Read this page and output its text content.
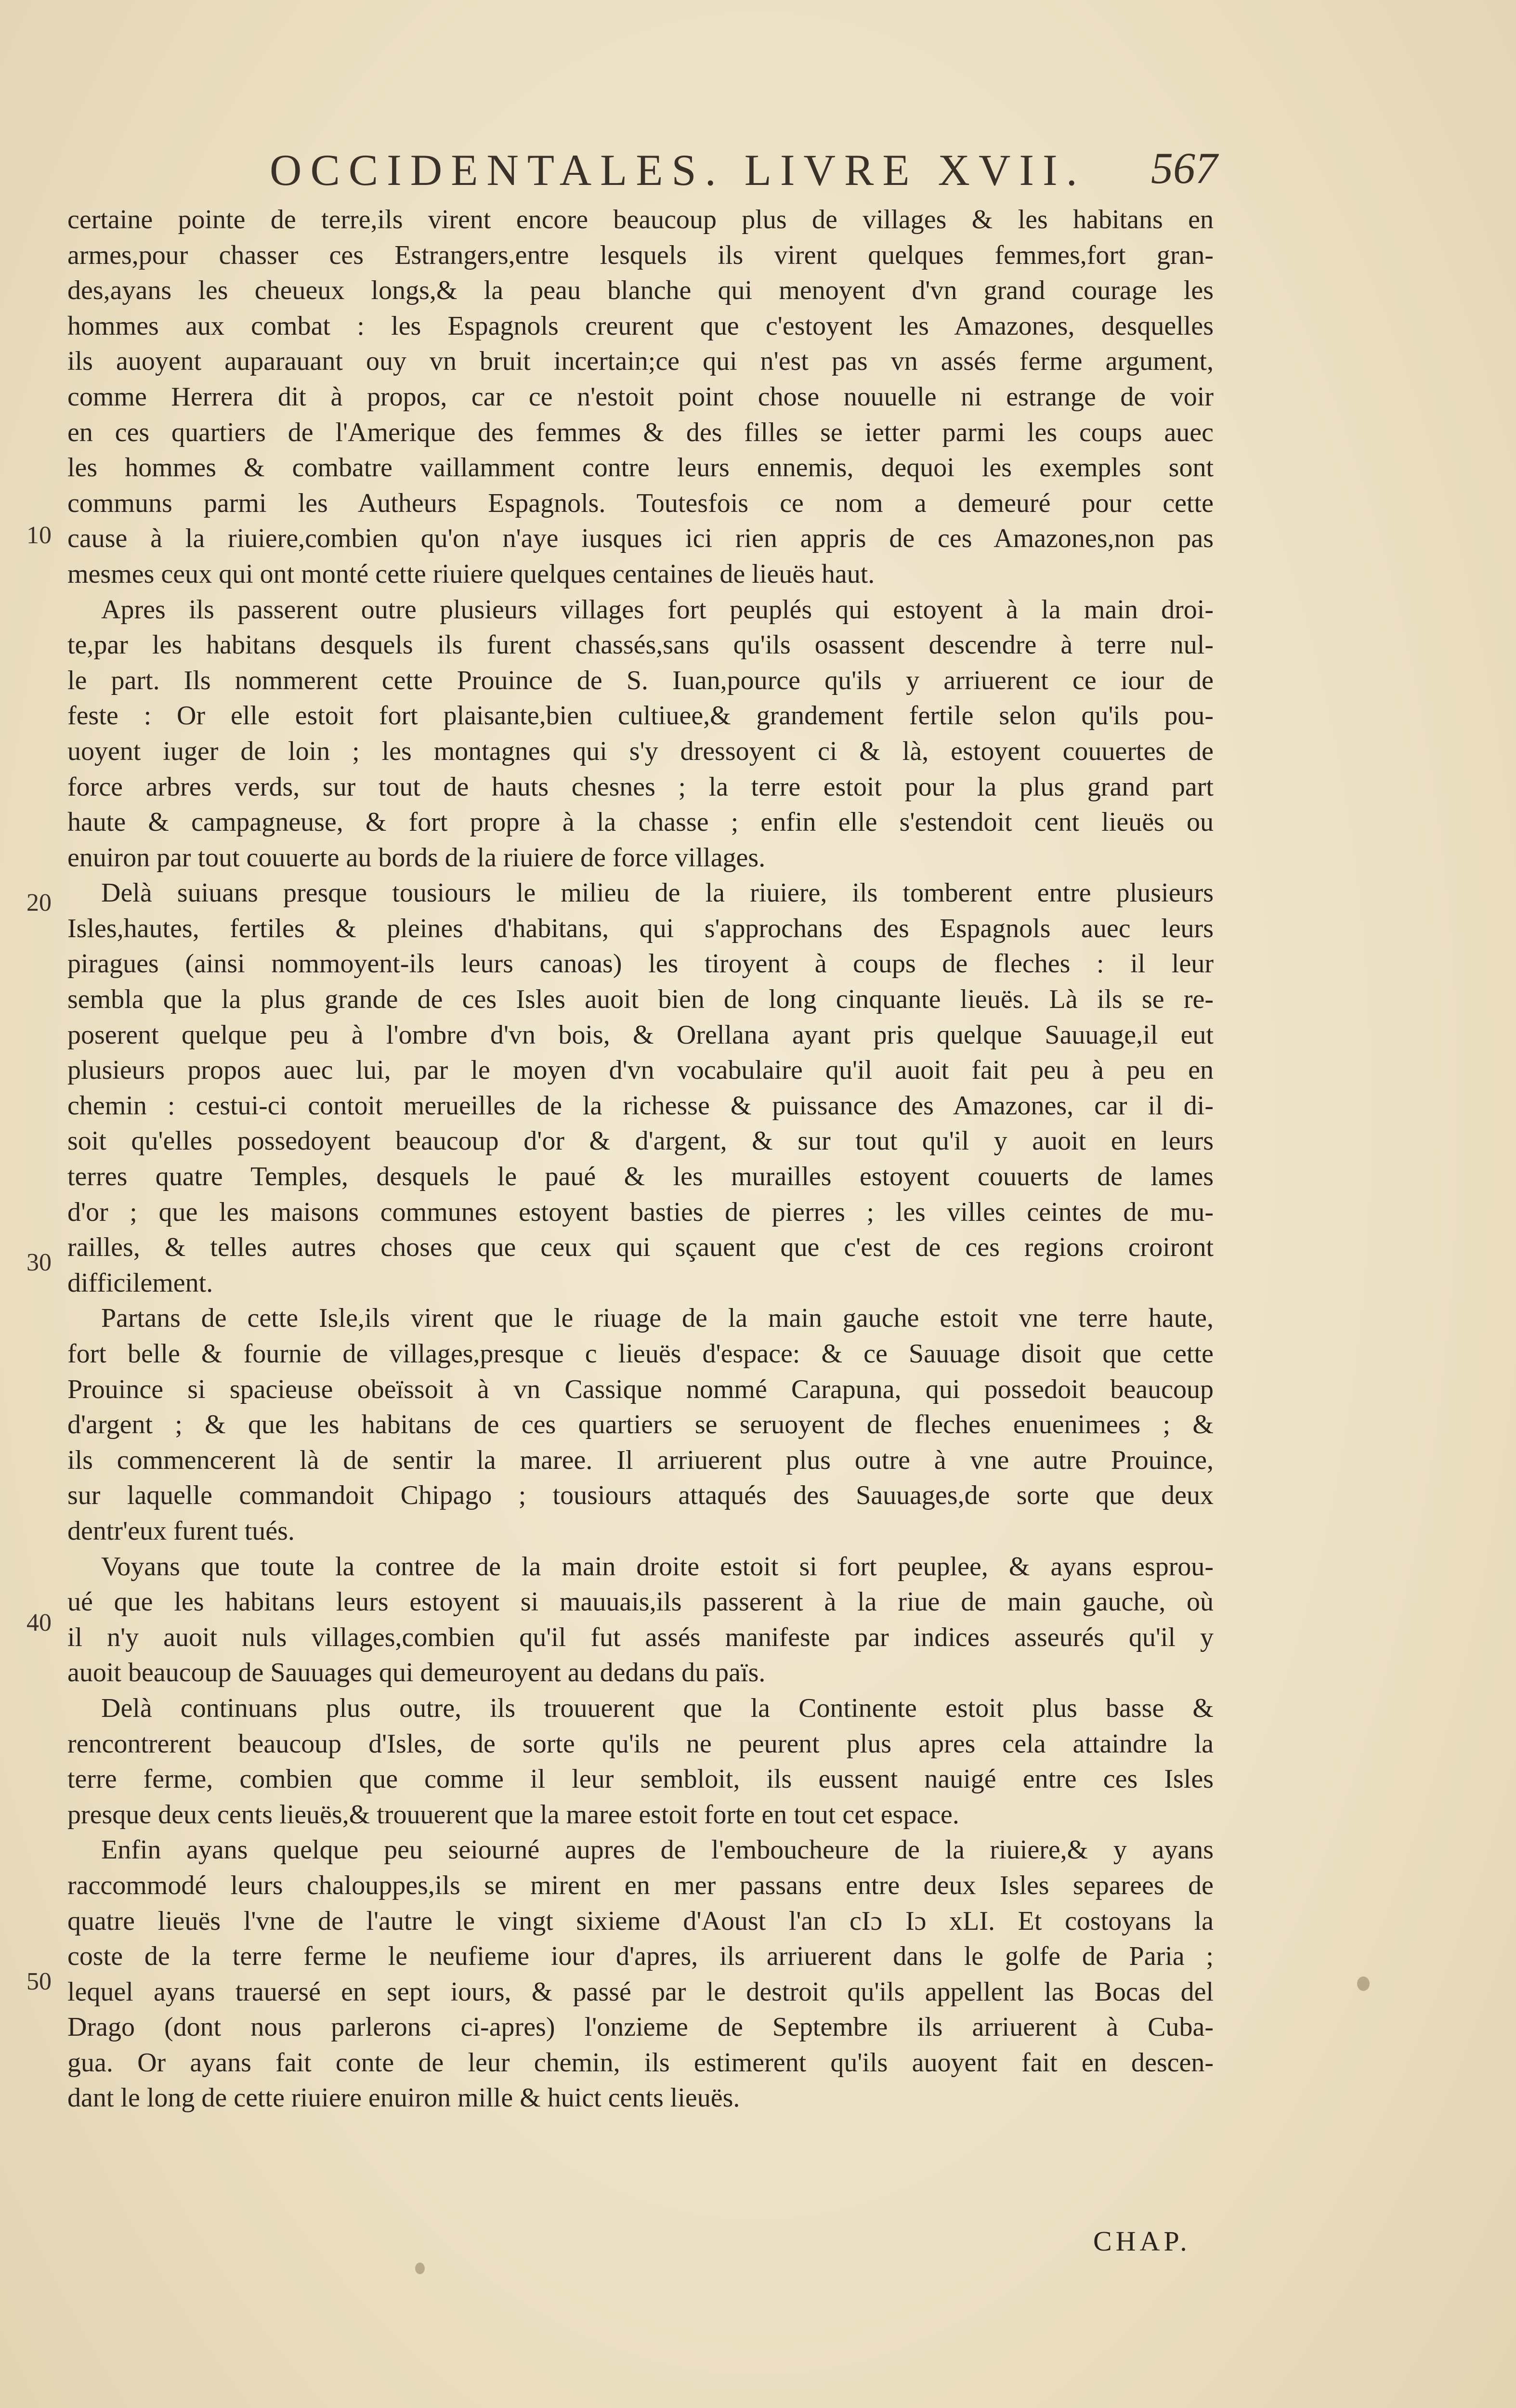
OCCIDENTALES. LIVRE XVII. 567
10
20
30
40
50
certaine pointe de terre,ils virent encore beaucoup plus de villages & les habitans en
armes,pour chasser ces Estrangers,entre lesquels ils virent quelques femmes,fort gran-
des,ayans les cheueux longs,& la peau blanche qui menoyent d'vn grand courage les
hommes aux combat : les Espagnols creurent que c'estoyent les Amazones, desquelles
ils auoyent auparauant ouy vn bruit incertain;ce qui n'est pas vn assés ferme argument,
comme Herrera dit à propos, car ce n'estoit point chose nouuelle ni estrange de voir
en ces quartiers de l'Amerique des femmes & des filles se ietter parmi les coups auec
les hommes & combatre vaillamment contre leurs ennemis, dequoi les exemples sont
communs parmi les Autheurs Espagnols. Toutesfois ce nom a demeuré pour cette
cause à la riuiere,combien qu'on n'aye iusques ici rien appris de ces Amazones,non pas
mesmes ceux qui ont monté cette riuiere quelques centaines de lieuës haut.
Apres ils passerent outre plusieurs villages fort peuplés qui estoyent à la main droi-
te,par les habitans desquels ils furent chassés,sans qu'ils osassent descendre à terre nul-
le part. Ils nommerent cette Prouince de S. Iuan,pource qu'ils y arriuerent ce iour de
feste : Or elle estoit fort plaisante,bien cultiuee,& grandement fertile selon qu'ils pou-
uoyent iuger de loin ; les montagnes qui s'y dressoyent ci & là, estoyent couuertes de
force arbres verds, sur tout de hauts chesnes ; la terre estoit pour la plus grand part
haute & campagneuse, & fort propre à la chasse ; enfin elle s'estendoit cent lieuës ou
enuiron par tout couuerte au bords de la riuiere de force villages.
Delà suiuans presque tousiours le milieu de la riuiere, ils tomberent entre plusieurs
Isles,hautes, fertiles & pleines d'habitans, qui s'approchans des Espagnols auec leurs
piragues (ainsi nommoyent-ils leurs canoas) les tiroyent à coups de fleches : il leur
sembla que la plus grande de ces Isles auoit bien de long cinquante lieuës. Là ils se re-
poserent quelque peu à l'ombre d'vn bois, & Orellana ayant pris quelque Sauuage,il eut
plusieurs propos auec lui, par le moyen d'vn vocabulaire qu'il auoit fait peu à peu en
chemin : cestui-ci contoit merueilles de la richesse & puissance des Amazones, car il di-
soit qu'elles possedoyent beaucoup d'or & d'argent, & sur tout qu'il y auoit en leurs
terres quatre Temples, desquels le paué & les murailles estoyent couuerts de lames
d'or ; que les maisons communes estoyent basties de pierres ; les villes ceintes de mu-
railles, & telles autres choses que ceux qui sçauent que c'est de ces regions croiront
difficilement.
Partans de cette Isle,ils virent que le riuage de la main gauche estoit vne terre haute,
fort belle & fournie de villages,presque c lieuës d'espace: & ce Sauuage disoit que cette
Prouince si spacieuse obeïssoit à vn Cassique nommé Carapuna, qui possedoit beaucoup
d'argent ; & que les habitans de ces quartiers se seruoyent de fleches enuenimees ; &
ils commencerent là de sentir la maree. Il arriuerent plus outre à vne autre Prouince,
sur laquelle commandoit Chipago ; tousiours attaqués des Sauuages,de sorte que deux
dentr'eux furent tués.
Voyans que toute la contree de la main droite estoit si fort peuplee, & ayans esprou-
ué que les habitans leurs estoyent si mauuais,ils passerent à la riue de main gauche, où
il n'y auoit nuls villages,combien qu'il fut assés manifeste par indices asseurés qu'il y
auoit beaucoup de Sauuages qui demeuroyent au dedans du païs.
Delà continuans plus outre, ils trouuerent que la Continente estoit plus basse &
rencontrerent beaucoup d'Isles, de sorte qu'ils ne peurent plus apres cela attaindre la
terre ferme, combien que comme il leur sembloit, ils eussent nauigé entre ces Isles
presque deux cents lieuës,& trouuerent que la maree estoit forte en tout cet espace.
Enfin ayans quelque peu seiourné aupres de l'emboucheure de la riuiere,& y ayans
raccommodé leurs chalouppes,ils se mirent en mer passans entre deux Isles separees de
quatre lieuës l'vne de l'autre le vingt sixieme d'Aoust l'an cIɔ Iɔ xLI. Et costoyans la
coste de la terre ferme le neufieme iour d'apres, ils arriuerent dans le golfe de Paria ;
lequel ayans trauersé en sept iours, & passé par le destroit qu'ils appellent las Bocas del
Drago (dont nous parlerons ci-apres) l'onzieme de Septembre ils arriuerent à Cuba-
gua. Or ayans fait conte de leur chemin, ils estimerent qu'ils auoyent fait en descen-
dant le long de cette riuiere enuiron mille & huict cents lieuës.
CHAP.
